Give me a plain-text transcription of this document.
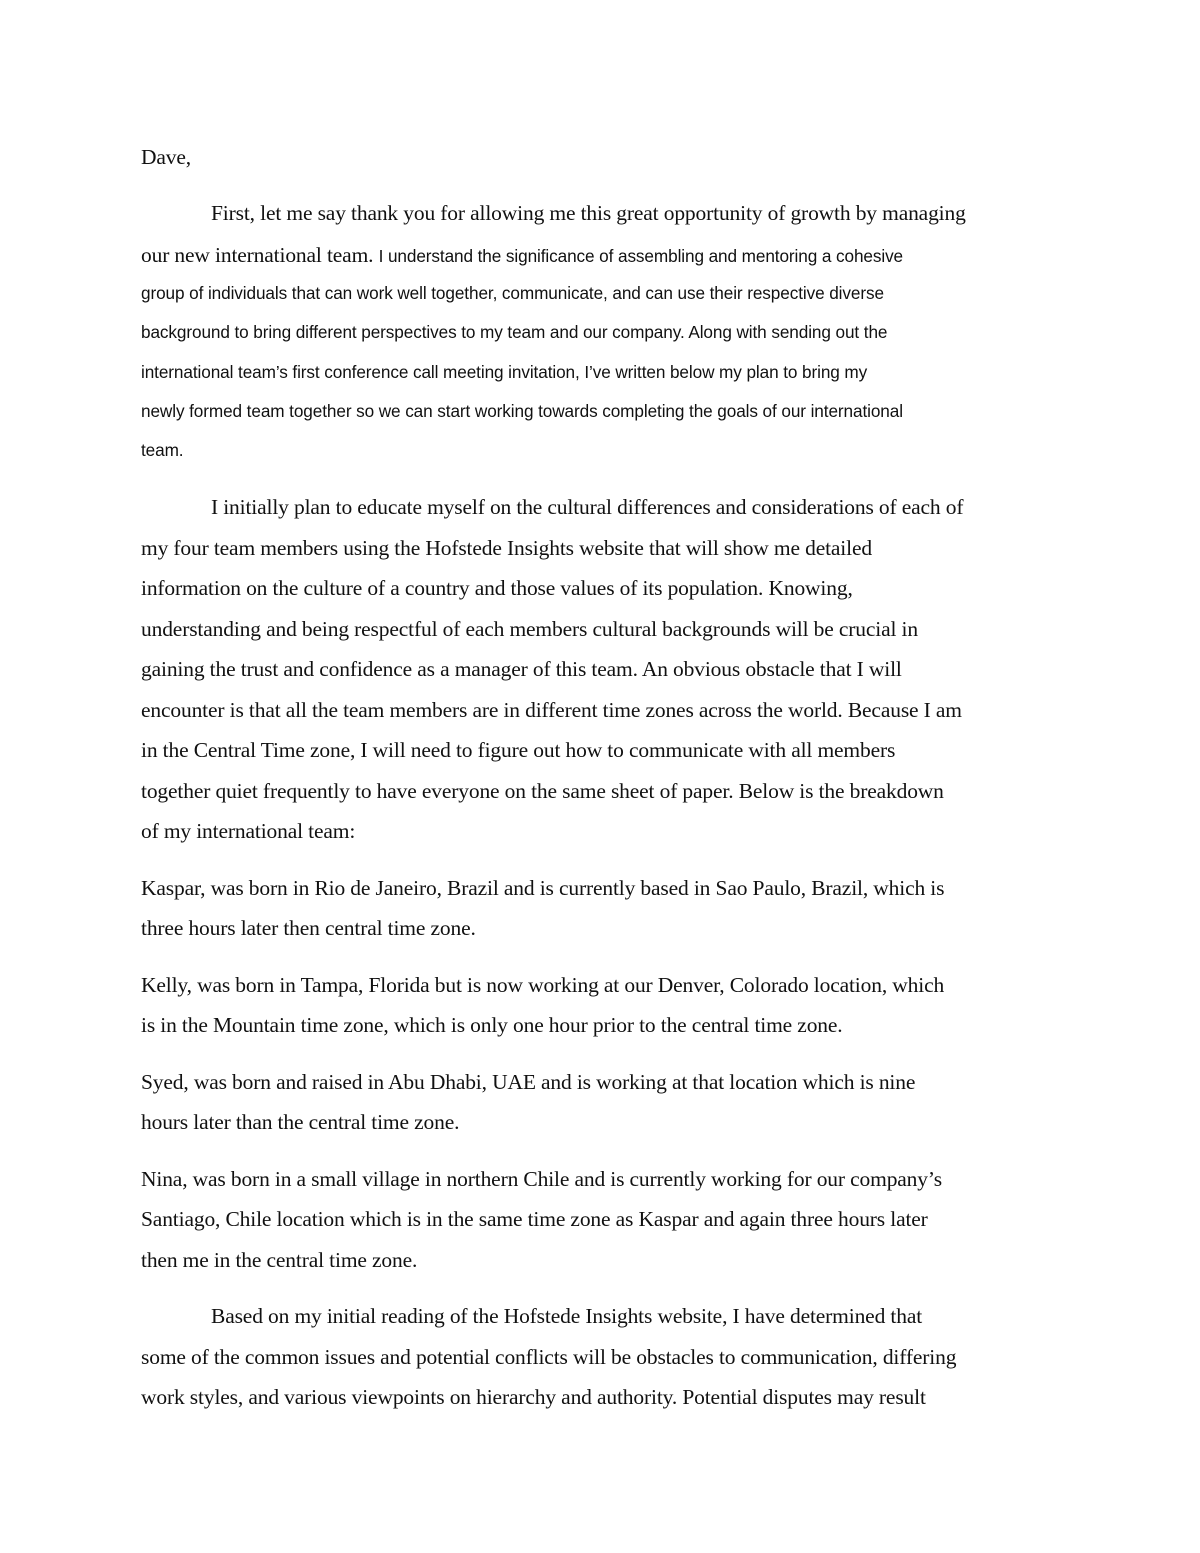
Dave,
First, let me say thank you for allowing me this great opportunity of growth by managing
our new international team. I understand the significance of assembling and mentoring a cohesive
group of individuals that can work well together, communicate, and can use their respective diverse
background to bring different perspectives to my team and our company. Along with sending out the
international team’s first conference call meeting invitation, I’ve written below my plan to bring my
newly formed team together so we can start working towards completing the goals of our international
team.
I initially plan to educate myself on the cultural differences and considerations of each of
my four team members using the Hofstede Insights website that will show me detailed
information on the culture of a country and those values of its population. Knowing,
understanding and being respectful of each members cultural backgrounds will be crucial in
gaining the trust and confidence as a manager of this team. An obvious obstacle that I will
encounter is that all the team members are in different time zones across the world. Because I am
in the Central Time zone, I will need to figure out how to communicate with all members
together quiet frequently to have everyone on the same sheet of paper. Below is the breakdown
of my international team:
Kaspar, was born in Rio de Janeiro, Brazil and is currently based in Sao Paulo, Brazil, which is
three hours later then central time zone.
Kelly, was born in Tampa, Florida but is now working at our Denver, Colorado location, which
is in the Mountain time zone, which is only one hour prior to the central time zone.
Syed, was born and raised in Abu Dhabi, UAE and is working at that location which is nine
hours later than the central time zone.
Nina, was born in a small village in northern Chile and is currently working for our company’s
Santiago, Chile location which is in the same time zone as Kaspar and again three hours later
then me in the central time zone.
Based on my initial reading of the Hofstede Insights website, I have determined that
some of the common issues and potential conflicts will be obstacles to communication, differing
work styles, and various viewpoints on hierarchy and authority. Potential disputes may result
